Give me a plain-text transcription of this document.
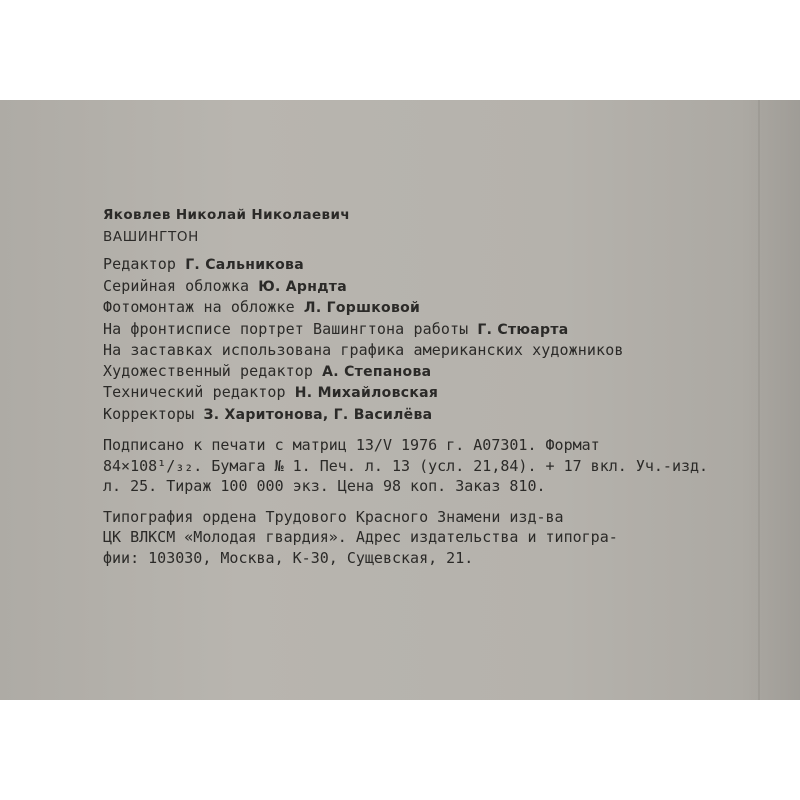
Яковлев Николай Николаевич
ВАШИНГТОН
Редактор Г. Сальникова
Серийная обложка Ю. Арндта
Фотомонтаж на обложке Л. Горшковой
На фронтисписе портрет Вашингтона работы Г. Стюарта
На заставках использована графика американских художников
Художественный редактор А. Степанова
Технический редактор Н. Михайловская
Корректоры З. Харитонова, Г. Василёва
Подписано к печати с матриц 13/V 1976 г. А07301. Формат
84×108¹/₃₂. Бумага № 1. Печ. л. 13 (усл. 21,84). + 17 вкл. Уч.-изд.
л. 25. Тираж 100 000 экз. Цена 98 коп. Заказ 810.
Типография ордена Трудового Красного Знамени изд-ва
ЦК ВЛКСМ «Молодая гвардия». Адрес издательства и типогра-
фии: 103030, Москва, К-30, Сущевская, 21.
